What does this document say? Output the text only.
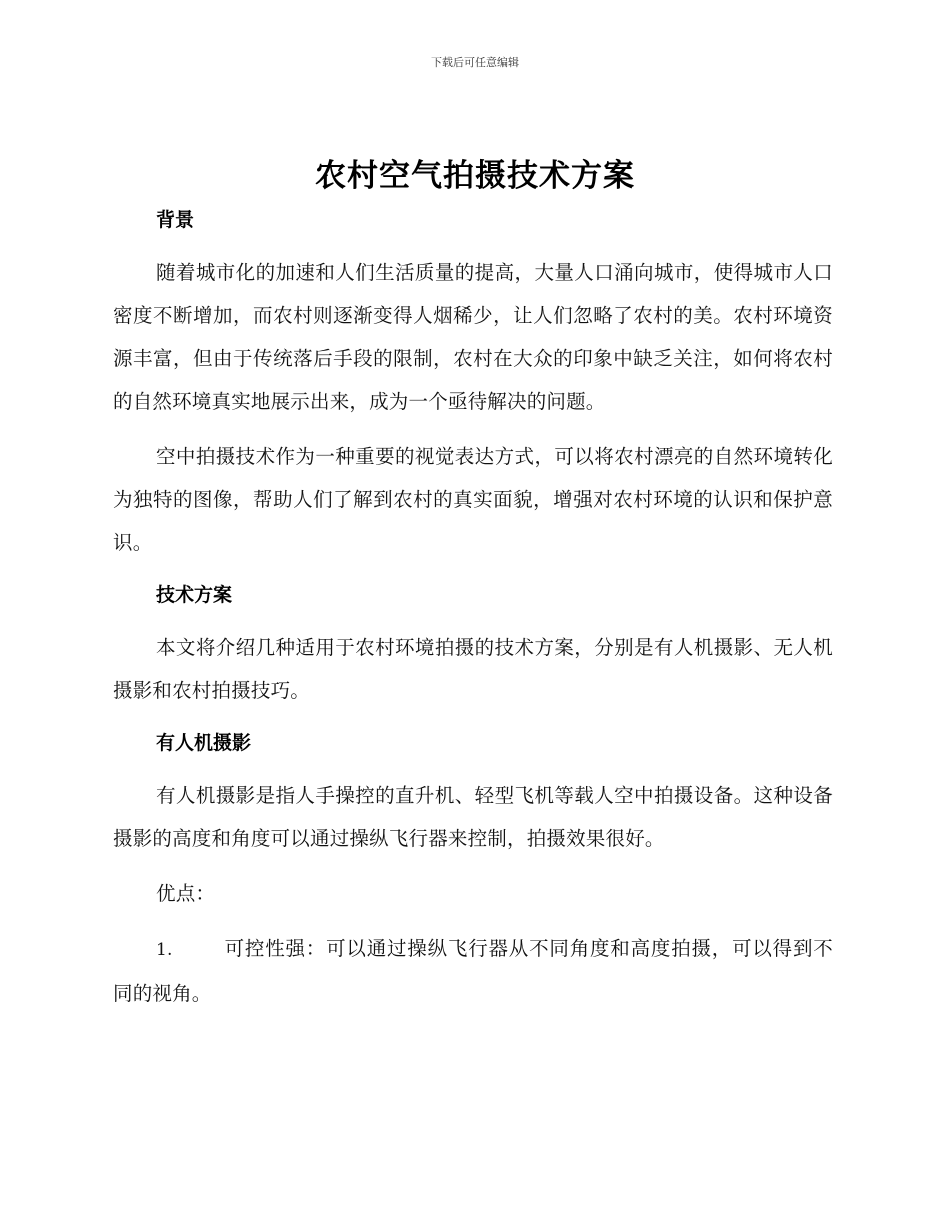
下载后可任意编辑
农村空气拍摄技术方案

背景

随着城市化的加速和人们生活质量的提高，大量人口涌向城市，使得城市人口密度不断增加，而农村则逐渐变得人烟稀少，让人们忽略了农村的美。农村环境资源丰富，但由于传统落后手段的限制，农村在大众的印象中缺乏关注，如何将农村的自然环境真实地展示出来，成为一个亟待解决的问题。

空中拍摄技术作为一种重要的视觉表达方式，可以将农村漂亮的自然环境转化为独特的图像，帮助人们了解到农村的真实面貌，增强对农村环境的认识和保护意识。

技术方案

本文将介绍几种适用于农村环境拍摄的技术方案，分别是有人机摄影、无人机摄影和农村拍摄技巧。

有人机摄影

有人机摄影是指人手操控的直升机、轻型飞机等载人空中拍摄设备。这种设备摄影的高度和角度可以通过操纵飞行器来控制，拍摄效果很好。

优点：

1.	可控性强：可以通过操纵飞行器从不同角度和高度拍摄，可以得到不同的视角。
